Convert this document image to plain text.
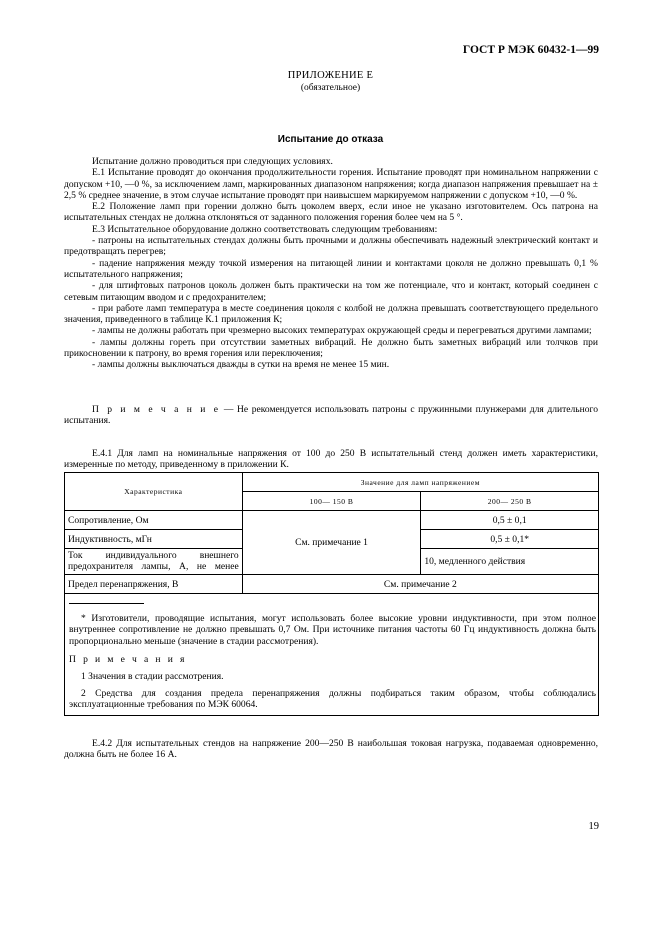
ГОСТ Р МЭК 60432-1—99
ПРИЛОЖЕНИЕ Е
(обязательное)
Испытание до отказа

Испытание должно проводиться при следующих условиях.

Е.1 Испытание проводят до окончания продолжительности горения. Испытание проводят при номинальном напряжении с допуском +10, —0 %, за исключением ламп, маркированных диапазоном напряжения; когда диапазон напряжения превышает на ± 2,5 % среднее значение, в этом случае испытание проводят при наивысшем маркируемом напряжении с допуском +10, —0 %.

Е.2 Положение ламп при горении должно быть цоколем вверх, если иное не указано изготовителем. Ось патрона на испытательных стендах не должна отклоняться от заданного положения горения более чем на 5 °.

Е.3 Испытательное оборудование должно соответствовать следующим требованиям:

- патроны на испытательных стендах должны быть прочными и должны обеспечивать надежный электрический контакт и предотвращать перегрев;

- падение напряжения между точкой измерения на питающей линии и контактами цоколя не должно превышать 0,1 % испытательного напряжения;

- для штифтовых патронов цоколь должен быть практически на том же потенциале, что и контакт, который соединен с сетевым питающим вводом и с предохранителем;

- при работе ламп температура в месте соединения цоколя с колбой не должна превышать соответствующего предельного значения, приведенного в таблице К.1 приложения К;

- лампы не должны работать при чрезмерно высоких температурах окружающей среды и перегреваться другими лампами;

- лампы должны гореть при отсутствии заметных вибраций. Не должно быть заметных вибраций или толчков при прикосновении к патрону, во время горения или переключения;

- лампы должны выключаться дважды в сутки на время не менее 15 мин.

П р и м е ч а н и е — Не рекомендуется использовать патроны с пружинными плунжерами для длительного испытания.

Е.4.1 Для ламп на номинальные напряжения от 100 до 250 В испытательный стенд должен иметь характеристики, измеренные по методу, приведенному в приложении К.

Характеристика	Значение для ламп напряжением	
	100— 150 В	200— 250 В
Сопротивление, Ом	См. примечание 1	0,5 ± 0,1
Индуктивность, мГн		0,5 ± 0,1*
Ток индивидуального внешнего предохранителя лампы, А, не менее		10, медленного действия
Предел перенапряжения, В	См. примечание 2	
* Изготовители, проводящие испытания, могут использовать более высокие уровни индуктивности, при этом полное внутреннее сопротивление не должно превышать 0,7 Ом. При источнике питания частоты 60 Гц индуктивность должна быть пропорционально меньше (значение в стадии рассмотрения).
П р и м е ч а н и я
1 Значения в стадии рассмотрения.
2 Средства для создания предела перенапряжения должны подбираться таким образом, чтобы соблюдались эксплуатационные требования по МЭК 60064.

Е.4.2 Для испытательных стендов на напряжение 200—250 В наибольшая токовая нагрузка, подаваемая одновременно, должна быть не более 16 А.

19
